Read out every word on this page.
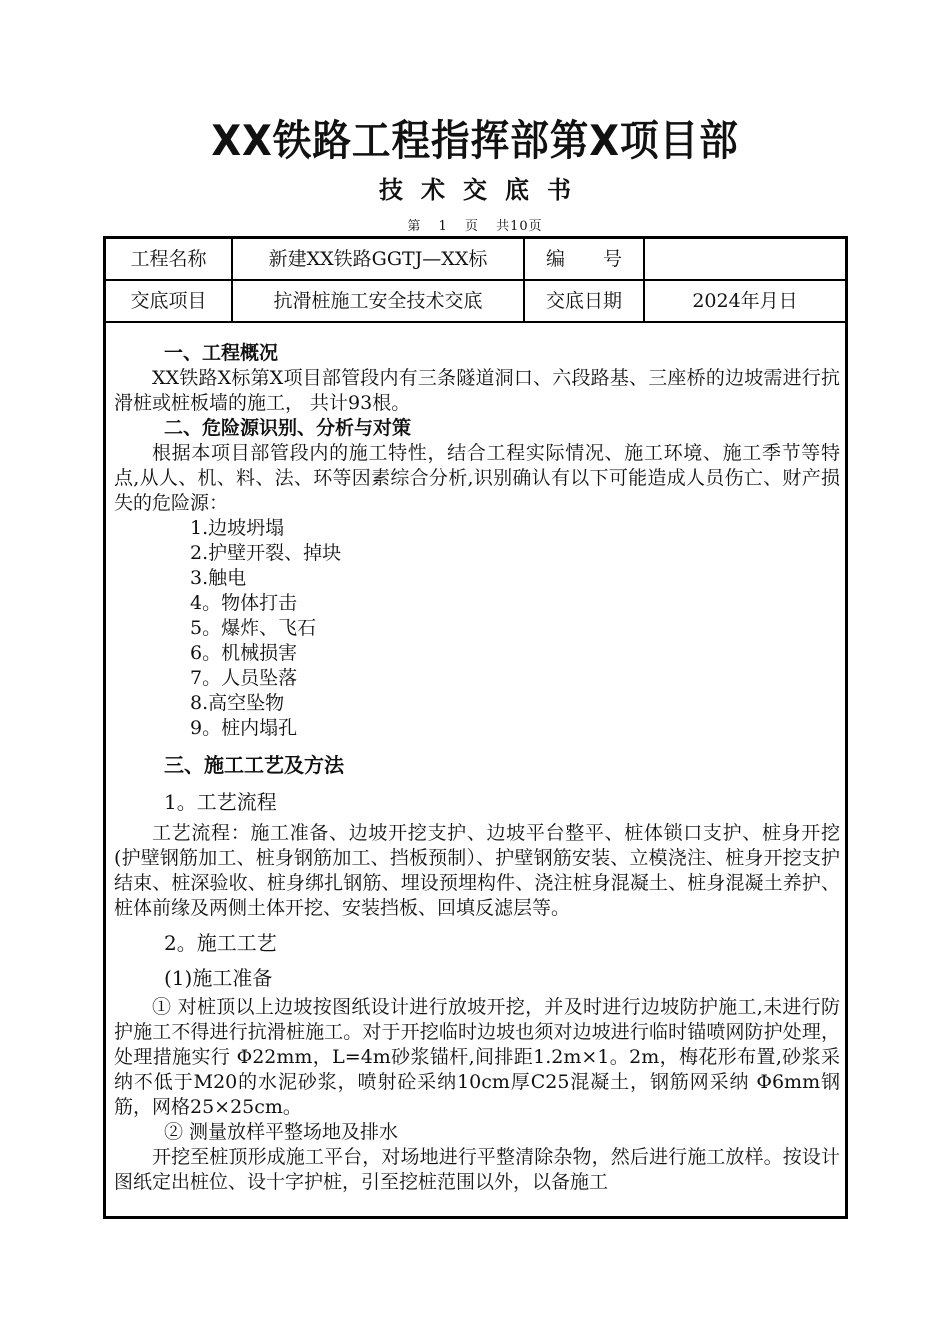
XX铁路工程指挥部第X项目部
技术交底书
第 1 页 共10页
工程名称	新建XX铁路GGTJ—XX标	编　　号
交底项目	抗滑桩施工安全技术交底	交底日期	2024年月日
一、工程概况
XX铁路X标第X项目部管段内有三条隧道洞口、六段路基、三座桥的边坡需进行抗滑桩或桩板墙的施工， 共计93根。
二、危险源识别、分析与对策
根据本项目部管段内的施工特性，结合工程实际情况、施工环境、施工季节等特点,从人、机、料、法、环等因素综合分析,识别确认有以下可能造成人员伤亡、财产损失的危险源：
1.边坡坍塌
2.护壁开裂、掉块
3.触电
4。物体打击
5。爆炸、飞石
6。机械损害
7。人员坠落
8.高空坠物
9。桩内塌孔
三、施工工艺及方法
1。工艺流程
工艺流程：施工准备、边坡开挖支护、边坡平台整平、桩体锁口支护、桩身开挖(护壁钢筋加工、桩身钢筋加工、挡板预制）、护壁钢筋安装、立模浇注、桩身开挖支护结束、桩深验收、桩身绑扎钢筋、埋设预埋构件、浇注桩身混凝土、桩身混凝土养护、桩体前缘及两侧土体开挖、安装挡板、回填反滤层等。
2。施工工艺
(1)施工准备
① 对桩顶以上边坡按图纸设计进行放坡开挖，并及时进行边坡防护施工,未进行防护施工不得进行抗滑桩施工。对于开挖临时边坡也须对边坡进行临时锚喷网防护处理，处理措施实行 Φ22mm，L=4m砂浆锚杆,间排距1.2m×1。2m，梅花形布置,砂浆采纳不低于M20的水泥砂浆，喷射砼采纳10cm厚C25混凝土，钢筋网采纳 Φ6mm钢筋，网格25×25cm。
② 测量放样平整场地及排水
开挖至桩顶形成施工平台，对场地进行平整清除杂物，然后进行施工放样。按设计图纸定出桩位、设十字护桩，引至挖桩范围以外，以备施工
